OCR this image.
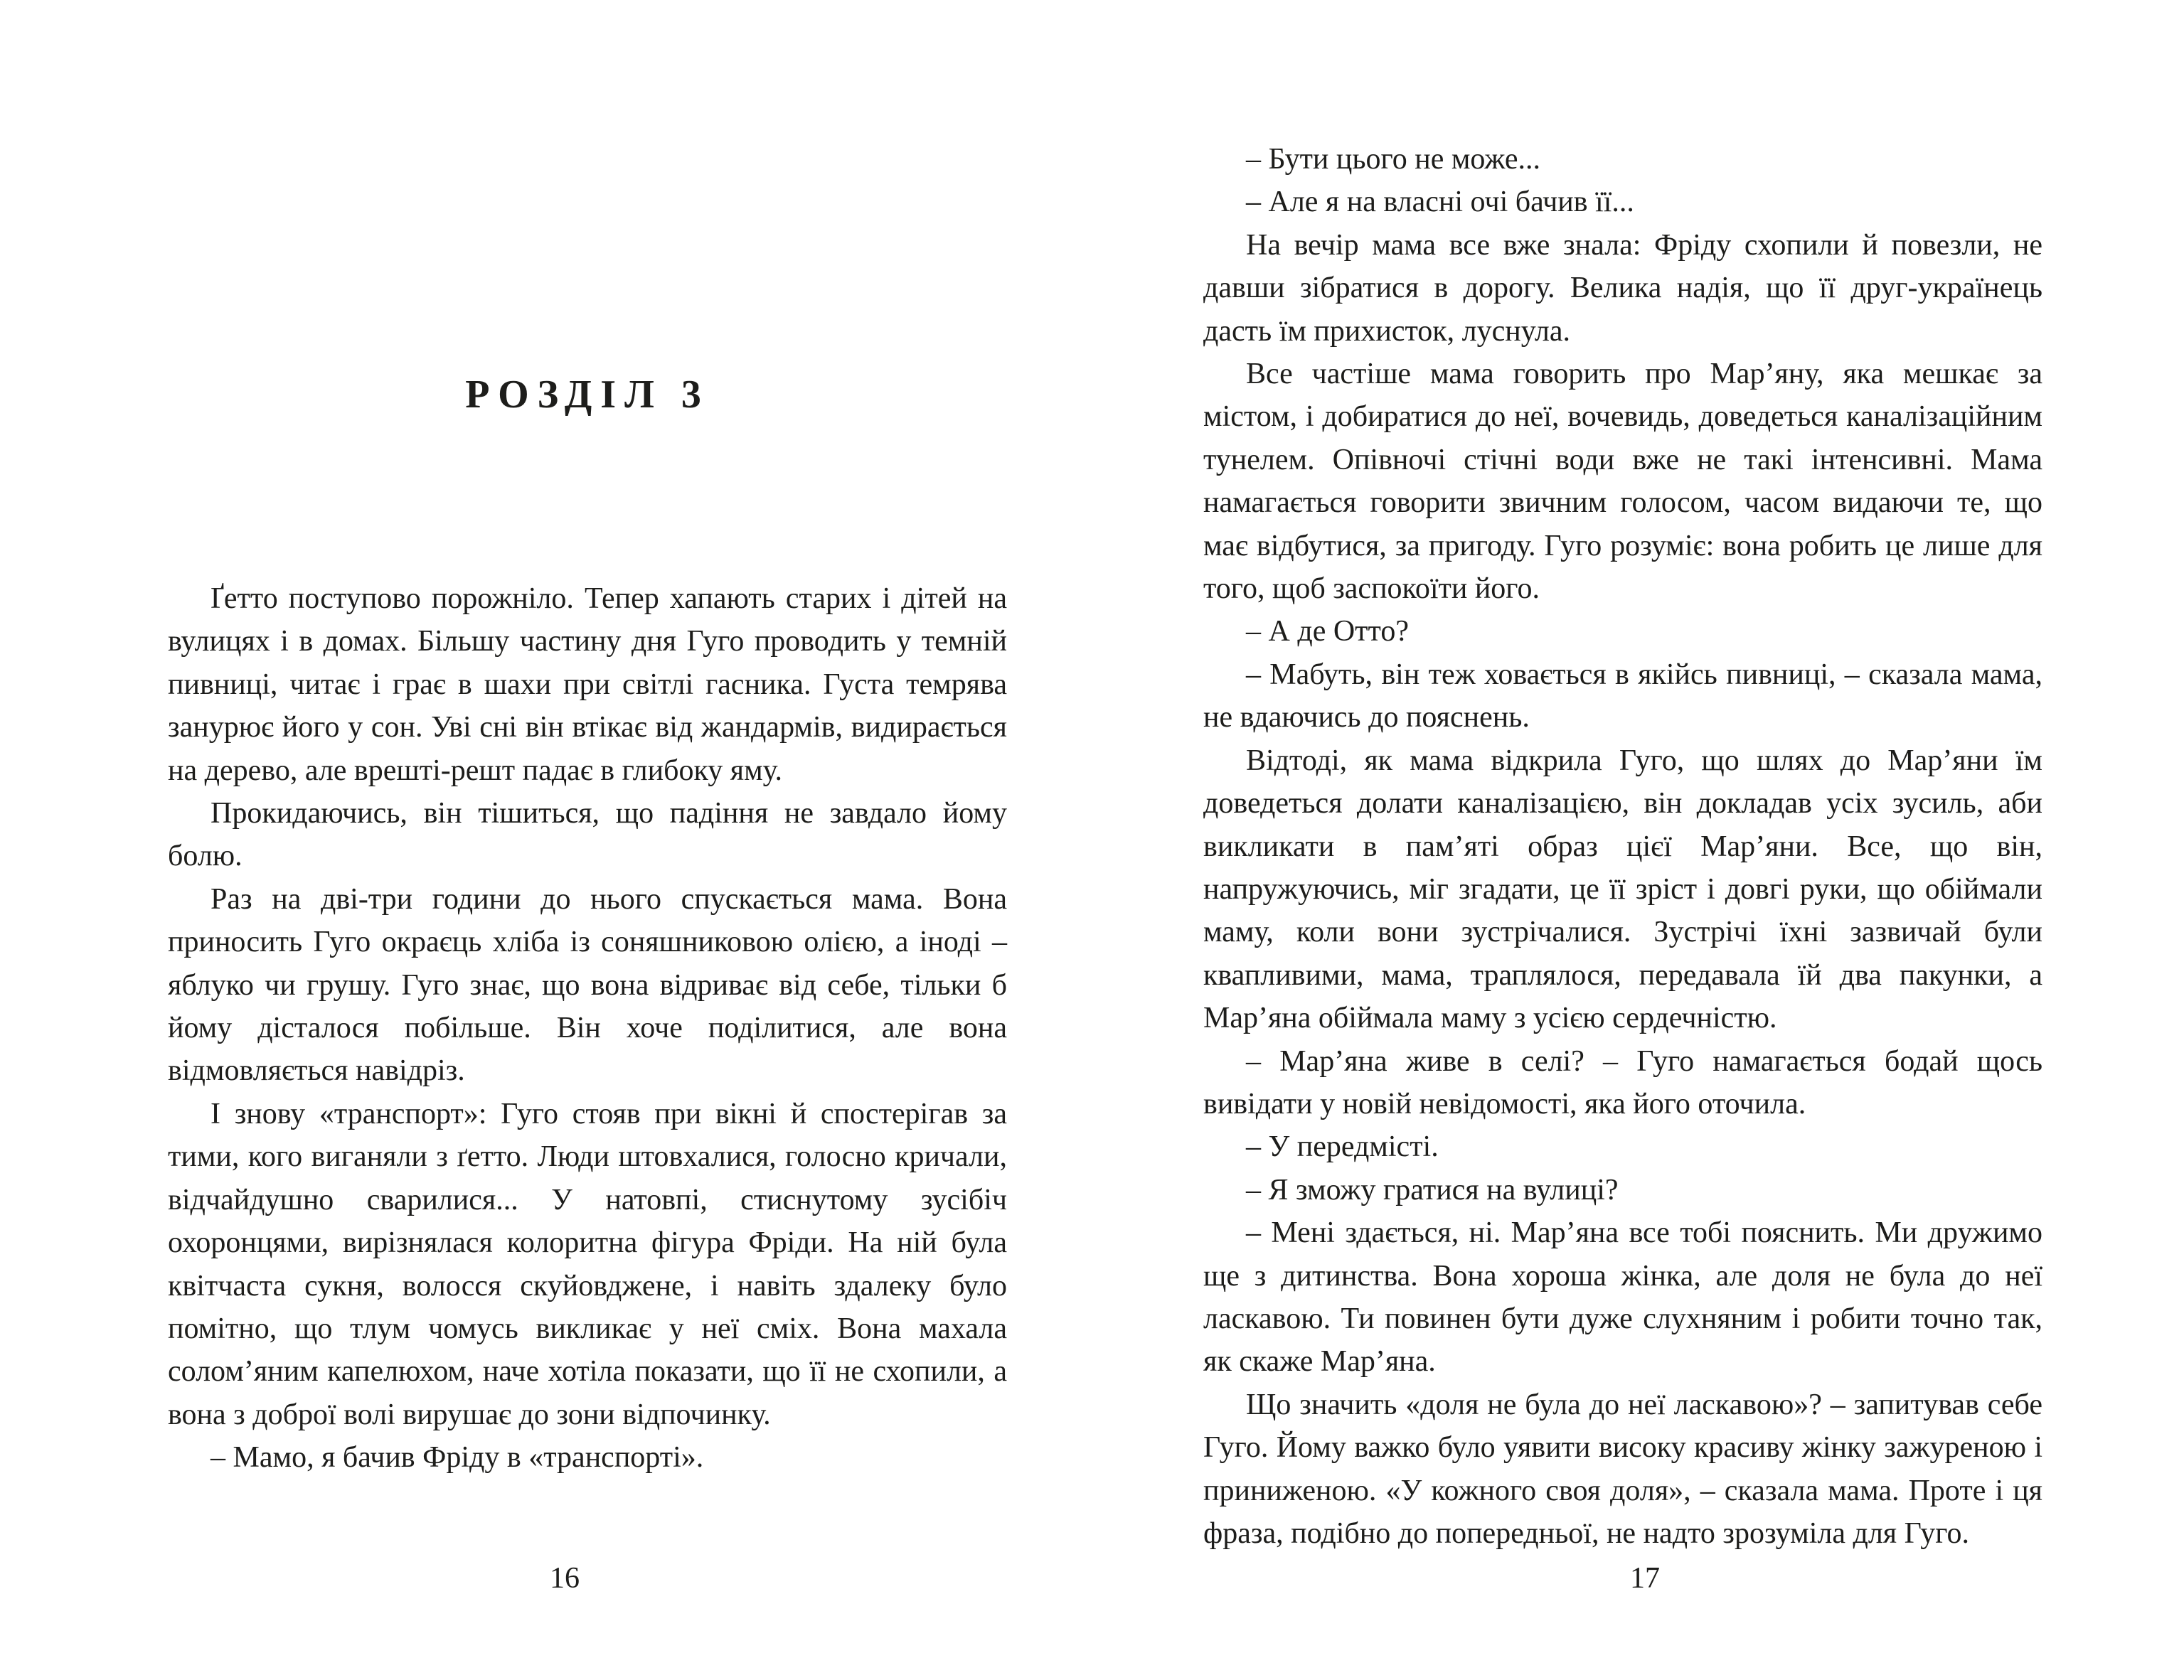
РОЗДІЛ 3

Ґетто поступово порожніло. Тепер хапають старих і дітей на вулицях і в домах. Більшу частину дня Гуго проводить у темній пивниці, читає і грає в шахи при світлі гасника. Густа темрява занурює його у сон. Уві сні він втікає від жандармів, видирається на дерево, але врешті-решт падає в глибоку яму.

Прокидаючись, він тішиться, що падіння не завдало йому болю.

Раз на дві-три години до нього спускається мама. Вона приносить Гуго окраєць хліба із соняшниковою олією, а іноді – яблуко чи грушу. Гуго знає, що вона відриває від себе, тільки б йому дісталося побільше. Він хоче поділитися, але вона відмовляється навідріз.

І знову «транспорт»: Гуго стояв при вікні й спостерігав за тими, кого виганяли з ґетто. Люди штовхалися, голосно кричали, відчайдушно сварилися... У натовпі, стиснутому зусібіч охоронцями, вирізнялася колоритна фігура Фріди. На ній була квітчаста сукня, волосся скуйовджене, і навіть здалеку було помітно, що тлум чомусь викликає у неї сміх. Вона махала солом’яним капелюхом, наче хотіла показати, що її не схопили, а вона з доброї волі вирушає до зони відпочинку.

– Мамо, я бачив Фріду в «транспорті».

16

– Бути цього не може...

– Але я на власні очі бачив її...

На вечір мама все вже знала: Фріду схопили й повезли, не давши зібратися в дорогу. Велика надія, що її друг-українець дасть їм прихисток, луснула.

Все частіше мама говорить про Мар’яну, яка мешкає за містом, і добиратися до неї, вочевидь, доведеться каналізаційним тунелем. Опівночі стічні води вже не такі інтенсивні. Мама намагається говорити звичним голосом, часом видаючи те, що має відбутися, за пригоду. Гуго розуміє: вона робить це лише для того, щоб заспокоїти його.

– А де Отто?

– Мабуть, він теж ховається в якійсь пивниці, – сказала мама, не вдаючись до пояснень.

Відтоді, як мама відкрила Гуго, що шлях до Мар’яни їм доведеться долати каналізацією, він докладав усіх зусиль, аби викликати в пам’яті образ цієї Мар’яни. Все, що він, напружуючись, міг згадати, це її зріст і довгі руки, що обіймали маму, коли вони зустрічалися. Зустрічі їхні зазвичай були квапливими, мама, траплялося, передавала їй два пакунки, а Мар’яна обіймала маму з усією сердечністю.

– Мар’яна живе в селі? – Гуго намагається бодай щось вивідати у новій невідомості, яка його оточила.

– У передмісті.

– Я зможу гратися на вулиці?

– Мені здається, ні. Мар’яна все тобі пояснить. Ми дружимо ще з дитинства. Вона хороша жінка, але доля не була до неї ласкавою. Ти повинен бути дуже слухняним і робити точно так, як скаже Мар’яна.

Що значить «доля не була до неї ласкавою»? – запитував себе Гуго. Йому важко було уявити високу красиву жінку зажуреною і приниженою. «У кожного своя доля», – сказала мама. Проте і ця фраза, подібно до попередньої, не надто зрозуміла для Гуго.

17
